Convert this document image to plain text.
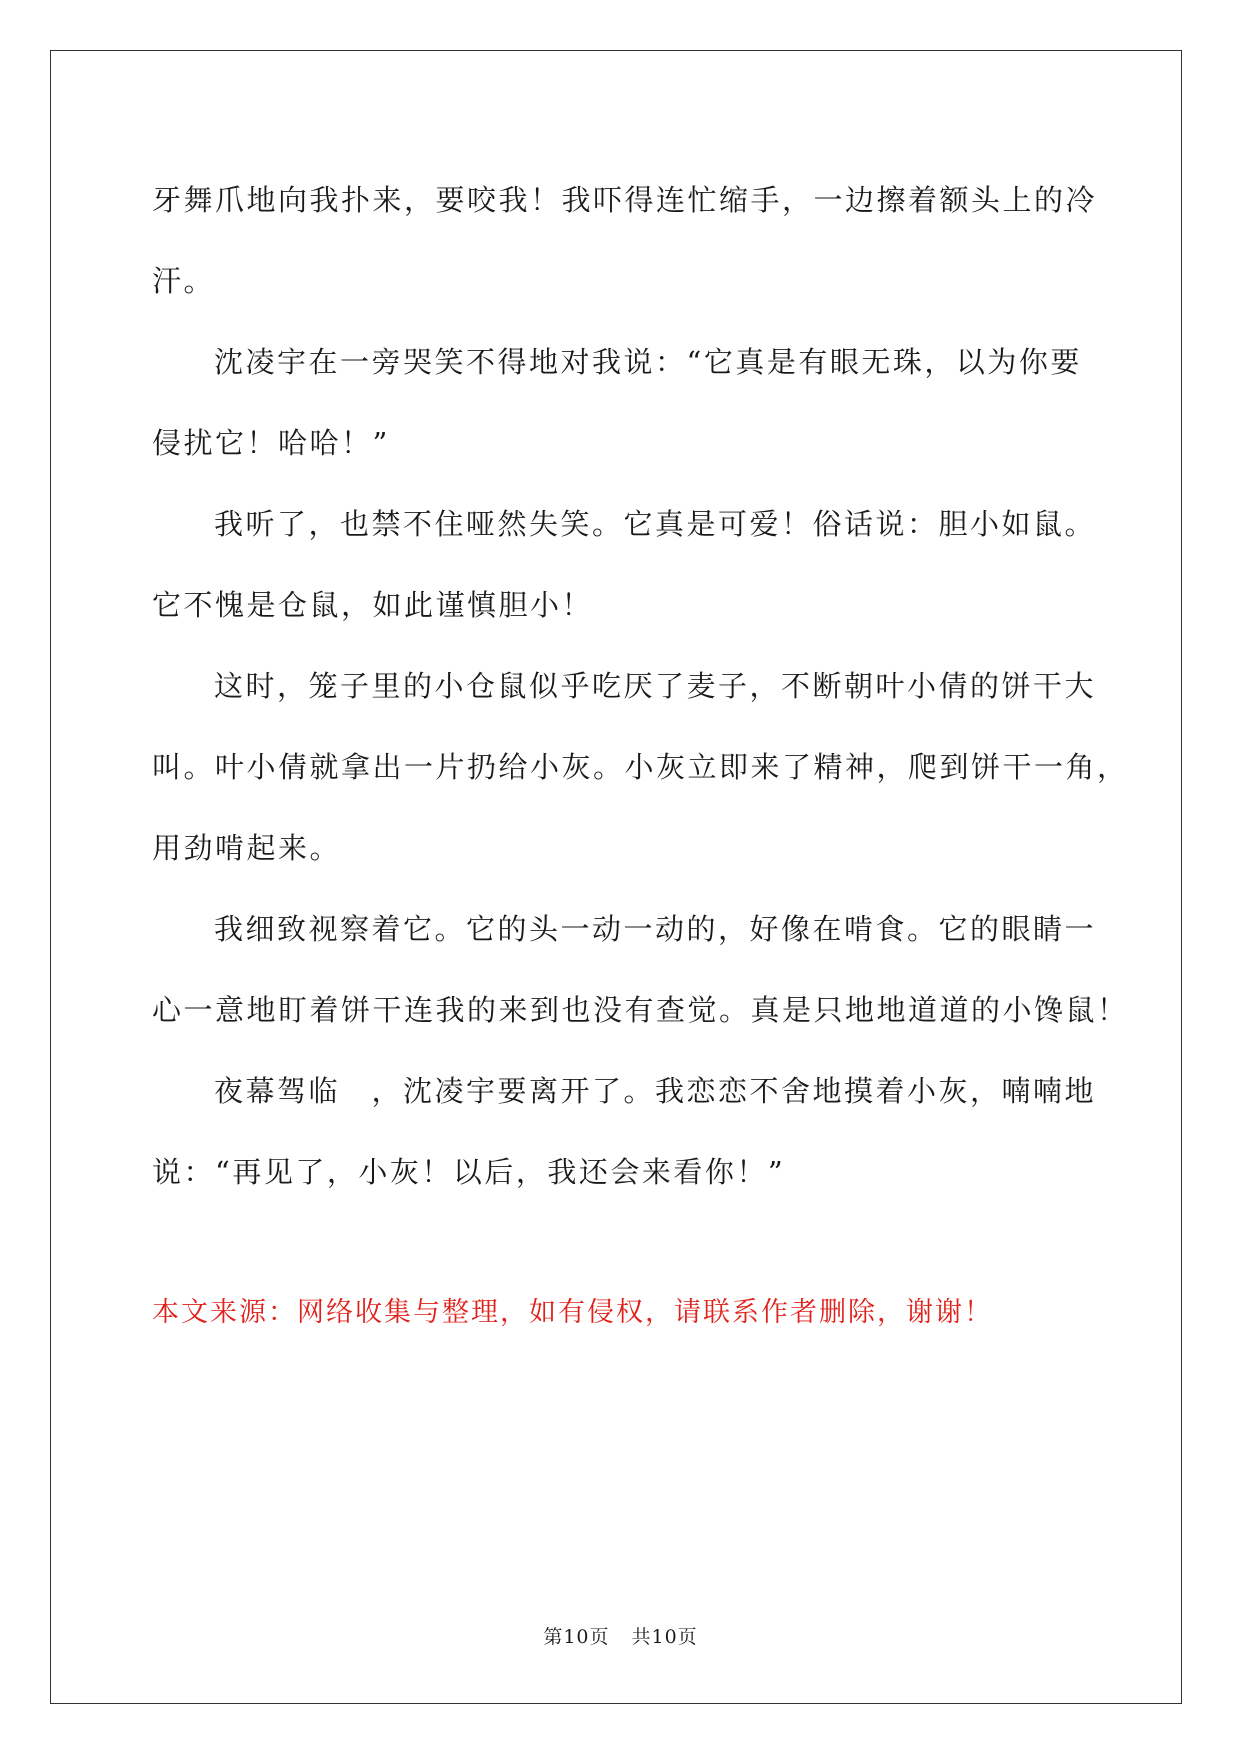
牙舞爪地向我扑来，要咬我！我吓得连忙缩手，一边擦着额头上的冷
汗。

沈凌宇在一旁哭笑不得地对我说：“它真是有眼无珠，以为你要
侵扰它！哈哈！”

我听了，也禁不住哑然失笑。它真是可爱！俗话说：胆小如鼠。
它不愧是仓鼠，如此谨慎胆小！

这时，笼子里的小仓鼠似乎吃厌了麦子，不断朝叶小倩的饼干大
叫。叶小倩就拿出一片扔给小灰。小灰立即来了精神，爬到饼干一角，
用劲啃起来。

我细致视察着它。它的头一动一动的，好像在啃食。它的眼睛一
心一意地盯着饼干连我的来到也没有查觉。真是只地地道道的小馋鼠！

夜幕驾临　，沈凌宇要离开了。我恋恋不舍地摸着小灰，喃喃地
说：“再见了，小灰！以后，我还会来看你！”

本文来源：网络收集与整理，如有侵权，请联系作者删除，谢谢！
第10页 共10页
